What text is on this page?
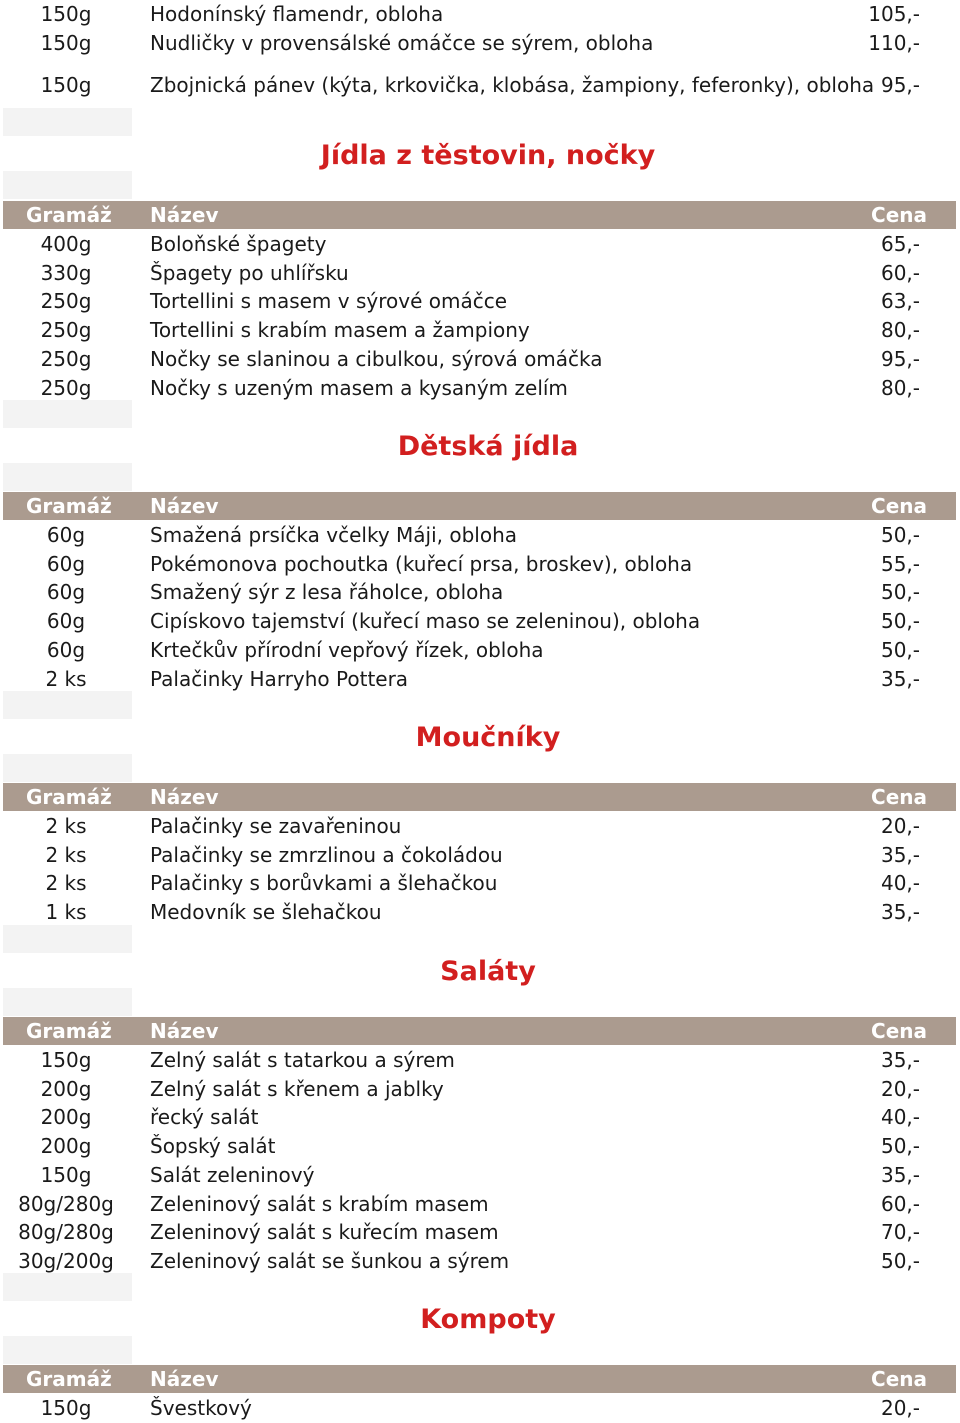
150g	Hodonínský flamendr, obloha	105,-
150g	Nudličky v provensálské omáčce se sýrem, obloha	110,-
150g	Zbojnická pánev (kýta, krkovička, klobása, žampiony, feferonky), obloha 95,-
Jídla z těstovin, nočky
Gramáž Název	Cena
400g	Boloňské špagety	65,-
330g	Špagety po uhlířsku	60,-
250g	Tortellini s masem v sýrové omáčce	63,-
250g	Tortellini s krabím masem a žampiony	80,-
250g	Nočky se slaninou a cibulkou, sýrová omáčka	95,-
250g	Nočky s uzeným masem a kysaným zelím	80,-
Dětská jídla
Gramáž Název	Cena
60g	Smažená prsíčka včelky Máji, obloha	50,-
60g	Pokémonova pochoutka (kuřecí prsa, broskev), obloha	55,-
60g	Smažený sýr z lesa řáholce, obloha	50,-
60g	Cipískovo tajemství (kuřecí maso se zeleninou), obloha	50,-
60g	Krtečkův přírodní vepřový řízek, obloha	50,-
2 ks	Palačinky Harryho Pottera	35,-
Moučníky
Gramáž Název	Cena
2 ks	Palačinky se zavařeninou	20,-
2 ks	Palačinky se zmrzlinou a čokoládou	35,-
2 ks	Palačinky s borůvkami a šlehačkou	40,-
1 ks	Medovník se šlehačkou	35,-
Saláty
Gramáž Název	Cena
150g	Zelný salát s tatarkou a sýrem	35,-
200g	Zelný salát s křenem a jablky	20,-
200g	řecký salát	40,-
200g	Šopský salát	50,-
150g	Salát zeleninový	35,-
80g/280g	Zeleninový salát s krabím masem	60,-
80g/280g	Zeleninový salát s kuřecím masem	70,-
30g/200g	Zeleninový salát se šunkou a sýrem	50,-
Kompoty
Gramáž Název	Cena
150g	Švestkový	20,-
